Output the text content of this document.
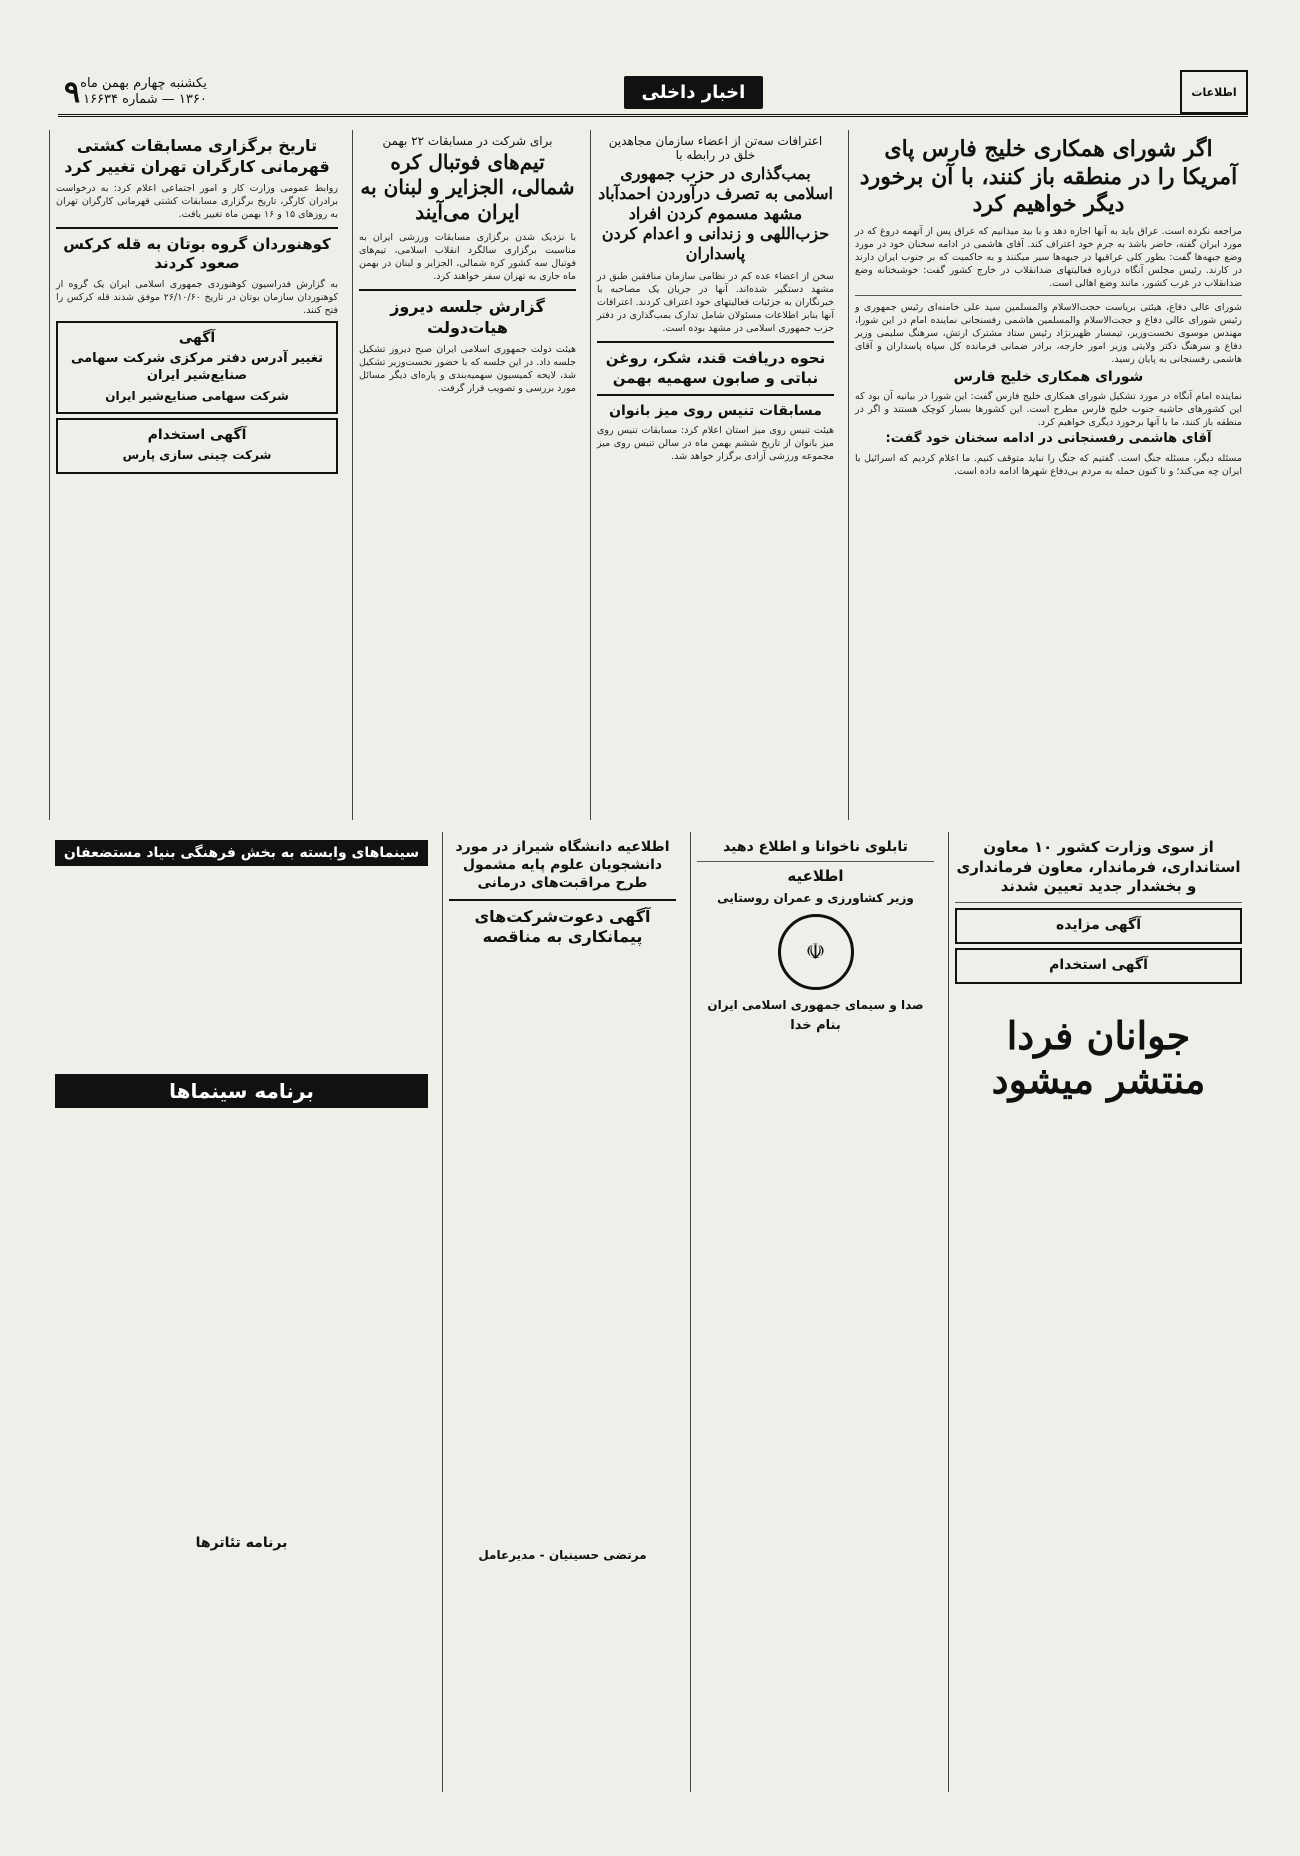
اطلاعات
اخبار داخلی
یکشنبه چهارم بهمن ماه
۱۳۶۰ — شماره ۱۶۶۳۴
۹
اگر شورای همکاری خلیج فارس پای آمریکا را در منطقه باز کنند، با آن برخورد دیگر خواهیم کرد
مراجعه نکرده است. عراق باید به آنها اجازه دهد و با بید میدانیم که عراق پس از آنهمه دروغ که در مورد ایران گفته، حاضر باشد به جرم خود اعتراف کند. آقای هاشمی در ادامه سخنان خود در مورد وضع جبهه‌ها گفت: بطور کلی عراقیها در جبهه‌ها سیر میکنند و به حاکمیت که بر جنوب ایران دارند در کارند. رئیس مجلس آنگاه درباره فعالیتهای ضدانقلاب در خارج کشور گفت: خوشبختانه وضع ضدانقلاب در غرب کشور، مانند وضع اهالی است.
شورای عالی دفاع، هیئتی بریاست حجت‌الاسلام والمسلمین سید علی خامنه‌ای رئیس جمهوری و رئیس شورای عالی دفاع و حجت‌الاسلام والمسلمین هاشمی رفسنجانی نماینده امام در این شورا، مهندس موسوی نخست‌وزیر، تیمسار ظهیرنژاد رئیس ستاد مشترک ارتش، سرهنگ سلیمی وزیر دفاع و سرهنگ دکتر ولایتی وزیر امور خارجه، برادر ضمانی فرمانده کل سپاه پاسداران و آقای هاشمی رفسنجانی به پایان رسید.
شورای همکاری خلیج فارس
نماینده امام آنگاه در مورد تشکیل شورای همکاری خلیج فارس گفت: این شورا در بیانیه آن بود که این کشورهای حاشیه جنوب خلیج فارس مطرح است. این کشورها بسیار کوچک هستند و اگر در منطقه باز کنند، ما با آنها برخورد دیگری خواهیم کرد.
آقای هاشمی رفسنجانی در ادامه سخنان خود گفت:
مسئله دیگر، مسئله جنگ است. گفتیم که جنگ را نباید متوقف کنیم. ما اعلام کردیم که اسرائیل با ایران چه می‌کند؛ و تا کنون حمله به مردم بی‌دفاع شهرها ادامه داده است.
اعترافات سه‌تن از اعضاء سازمان مجاهدین خلق در رابطه با
بمب‌گذاری در حزب جمهوری اسلامی به تصرف درآوردن احمدآباد مشهد مسموم کردن افراد حزب‌اللهی و زندانی و اعدام کردن پاسداران
سخن از اعضاء عده کم در نظامی سازمان منافقین طبق در مشهد دستگیر شده‌اند. آنها در جریان یک مصاحبه با خبرنگاران به جزئیات فعالیتهای خود اعتراف کردند. اعترافات آنها بنابر اطلاعات مسئولان شامل تدارک بمب‌گذاری در دفتر حزب جمهوری اسلامی در مشهد بوده است.
نحوه دریافت قند، شکر، روغن نباتی و صابون سهمیه بهمن
مسابقات تنیس روی میز بانوان
هیئت تنیس روی میز استان اعلام کرد: مسابقات تنیس روی میز بانوان از تاریخ ششم بهمن ماه در سالن تنیس روی میز مجموعه ورزشی آزادی برگزار خواهد شد.
برای شرکت در مسابقات ۲۲ بهمن
تیم‌های فوتبال کره شمالی، الجزایر و لبنان به ایران می‌آیند
با نزدیک شدن برگزاری مسابقات ورزشی ایران به مناسبت برگزاری سالگرد انقلاب اسلامی، تیم‌های فوتبال سه کشور کره شمالی، الجزایر و لبنان در بهمن ماه جاری به تهران سفر خواهند کرد.
گزارش جلسه دیروز هیات‌دولت
هیئت دولت جمهوری اسلامی ایران صبح دیروز تشکیل جلسه داد. در این جلسه که با حضور نخست‌وزیر تشکیل شد، لایحه کمیسیون سهمیه‌بندی و پاره‌ای دیگر مسائل مورد بررسی و تصویب قرار گرفت.
تاریخ برگزاری مسابقات کشتی قهرمانی کارگران تهران تغییر کرد
روابط عمومی وزارت کار و امور اجتماعی اعلام کرد: به درخواست برادران کارگر، تاریخ برگزاری مسابقات کشتی قهرمانی کارگران تهران به روزهای ۱۵ و ۱۶ بهمن ماه تغییر یافت.
کوهنوردان گروه بوتان به قله کرکس صعود کردند
به گزارش فدراسیون کوهنوردی جمهوری اسلامی ایران یک گروه از کوهنوردان سازمان بوتان در تاریخ ۲۶/۱۰/۶۰ موفق شدند قله کرکس را فتح کنند.
آگهی
تغییر آدرس دفتر مرکزی شرکت سهامی صنایع‌شیر ایران
شرکت سهامی صنایع‌شیر ایران
آگهی استخدام
شرکت چینی سازی پارس
از سوی وزارت کشور ۱۰ معاون استانداری، فرماندار، معاون فرمانداری و بخشدار جدید تعیین شدند
آگهی مزایده
آگهی استخدام
جوانان فردا منتشر میشود
تابلوی ناخوانا و اطلاع دهید
اطلاعیه
وزیر کشاورزی و عمران روستایی
☫
صدا و سیمای جمهوری اسلامی ایران
بنام خدا
اطلاعیه دانشگاه شیراز در مورد دانشجویان علوم پایه مشمول طرح مراقبت‌های درمانی
آگهی دعوت‌شرکت‌های پیمانکاری به مناقصه
مرتضی حسینیان - مدیرعامل
سینماهای وابسته به بخش فرهنگی بنیاد مستضعفان
برنامه سینماها
برنامه تئاترها
